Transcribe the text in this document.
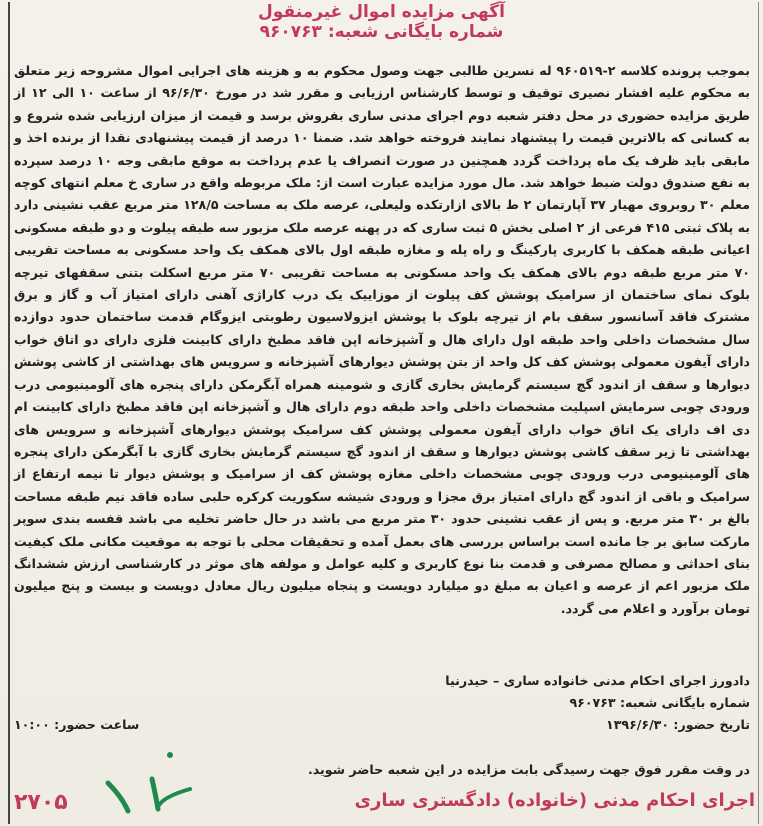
آگهی مزایده اموال غیرمنقول
شماره بایگانی شعبه: ۹۶۰۷۶۳
بموجب پرونده کلاسه ۲-۹۶۰۵۱۹ له نسرین طالبی جهت وصول محکوم به و هزینه های اجرایی اموال مشروحه زیر متعلق به محکوم علیه افشار نصیری توقیف و توسط کارشناس ارزیابی و مقرر شد در مورخ ۹۶/۶/۳۰ از ساعت ۱۰ الی ۱۲ از طریق مزایده حضوری در محل دفتر شعبه دوم اجرای مدنی ساری بفروش برسد و قیمت از میزان ارزیابی شده شروع و به کسانی که بالاترین قیمت را پیشنهاد نمایند فروخته خواهد شد. ضمنا ۱۰ درصد از قیمت پیشنهادی نقدا از برنده اخذ و مابقی باید ظرف یک ماه پرداخت گردد همچنین در صورت انصراف یا عدم پرداخت به موقع مابقی وجه ۱۰ درصد سپرده به نفع صندوق دولت ضبط خواهد شد. مال مورد مزایده عبارت است از: ملک مربوطه واقع در ساری خ معلم انتهای کوچه معلم ۳۰ روبروی مهیار ۳۷ آپارتمان ۲ ط بالای ازارتکده ولیعلی، عرصه ملک به مساحت ۱۲۸/۵ متر مربع عقب نشینی دارد به پلاک ثبتی ۴۱۵ فرعی از ۲ اصلی بخش ۵ ثبت ساری که در پهنه عرصه ملک مزبور سه طبقه پیلوت و دو طبقه مسکونی اعیانی طبقه همکف با کاربری پارکینگ و راه پله و مغازه طبقه اول بالای همکف یک واحد مسکونی به مساحت تقریبی ۷۰ متر مربع طبقه دوم بالای همکف یک واحد مسکونی به مساحت تقریبی ۷۰ متر مربع اسکلت بتنی سقفهای تیرچه بلوک نمای ساختمان از سرامیک پوشش کف پیلوت از موزاییک یک درب کاراژی آهنی دارای امتیاز آب و گاز و برق مشترک فاقد آسانسور سقف بام از تیرچه بلوک با پوشش ایزولاسیون رطوبتی ایزوگام قدمت ساختمان حدود دوازده سال مشخصات داخلی واحد طبقه اول دارای هال و آشپزخانه اپن فاقد مطبخ دارای کابینت فلزی دارای دو اتاق خواب دارای آیفون معمولی پوشش کف کل واحد از بتن پوشش دیوارهای آشپزخانه و سرویس های بهداشتی از کاشی پوشش دیوارها و سقف از اندود گچ سیستم گرمایش بخاری گازی و شومینه همراه آبگرمکن دارای پنجره های آلومینیومی درب ورودی چوبی سرمایش اسپلیت مشخصات داخلی واحد طبقه دوم دارای هال و آشپزخانه اپن فاقد مطبخ دارای کابینت ام دی اف دارای یک اتاق خواب دارای آیفون معمولی پوشش کف سرامیک پوشش دیوارهای آشپزخانه و سرویس های بهداشتی تا زیر سقف کاشی پوشش دیوارها و سقف از اندود گچ سیستم گرمایش بخاری گازی با آبگرمکن دارای پنجره های آلومینیومی درب ورودی چوبی مشخصات داخلی مغازه پوشش کف از سرامیک و پوشش دیوار تا نیمه ارتفاع از سرامیک و باقی از اندود گچ دارای امتیاز برق مجزا و ورودی شیشه سکوریت کرکره حلبی ساده فاقد نیم طبقه مساحت بالغ بر ۳۰ متر مربع. و پس از عقب نشینی حدود ۳۰ متر مربع می باشد در حال حاضر تخلیه می باشد قفسه بندی سوپر مارکت سابق بر جا مانده است براساس بررسی های بعمل آمده و تحقیقات محلی با توجه به موقعیت مکانی ملک کیفیت بنای احداثی و مصالح مصرفی و قدمت بنا نوع کاربری و کلیه عوامل و مولفه های موثر در کارشناسی ارزش ششدانگ ملک مزبور اعم از عرصه و اعیان به مبلغ دو میلیارد دویست و پنجاه میلیون ریال معادل دویست و بیست و پنج میلیون تومان برآورد و اعلام می گردد.
دادورز اجرای احکام مدنی خانواده ساری – حیدرنیا
شماره بایگانی شعبه: ۹۶۰۷۶۳
تاریخ حضور: ۱۳۹۶/۶/۳۰
ساعت حضور: ۱۰:۰۰
در وقت مقرر فوق جهت رسیدگی بابت مزایده در این شعبه حاضر شوید.
۲۷۰۵	اجرای احکام مدنی (خانواده) دادگستری ساری
